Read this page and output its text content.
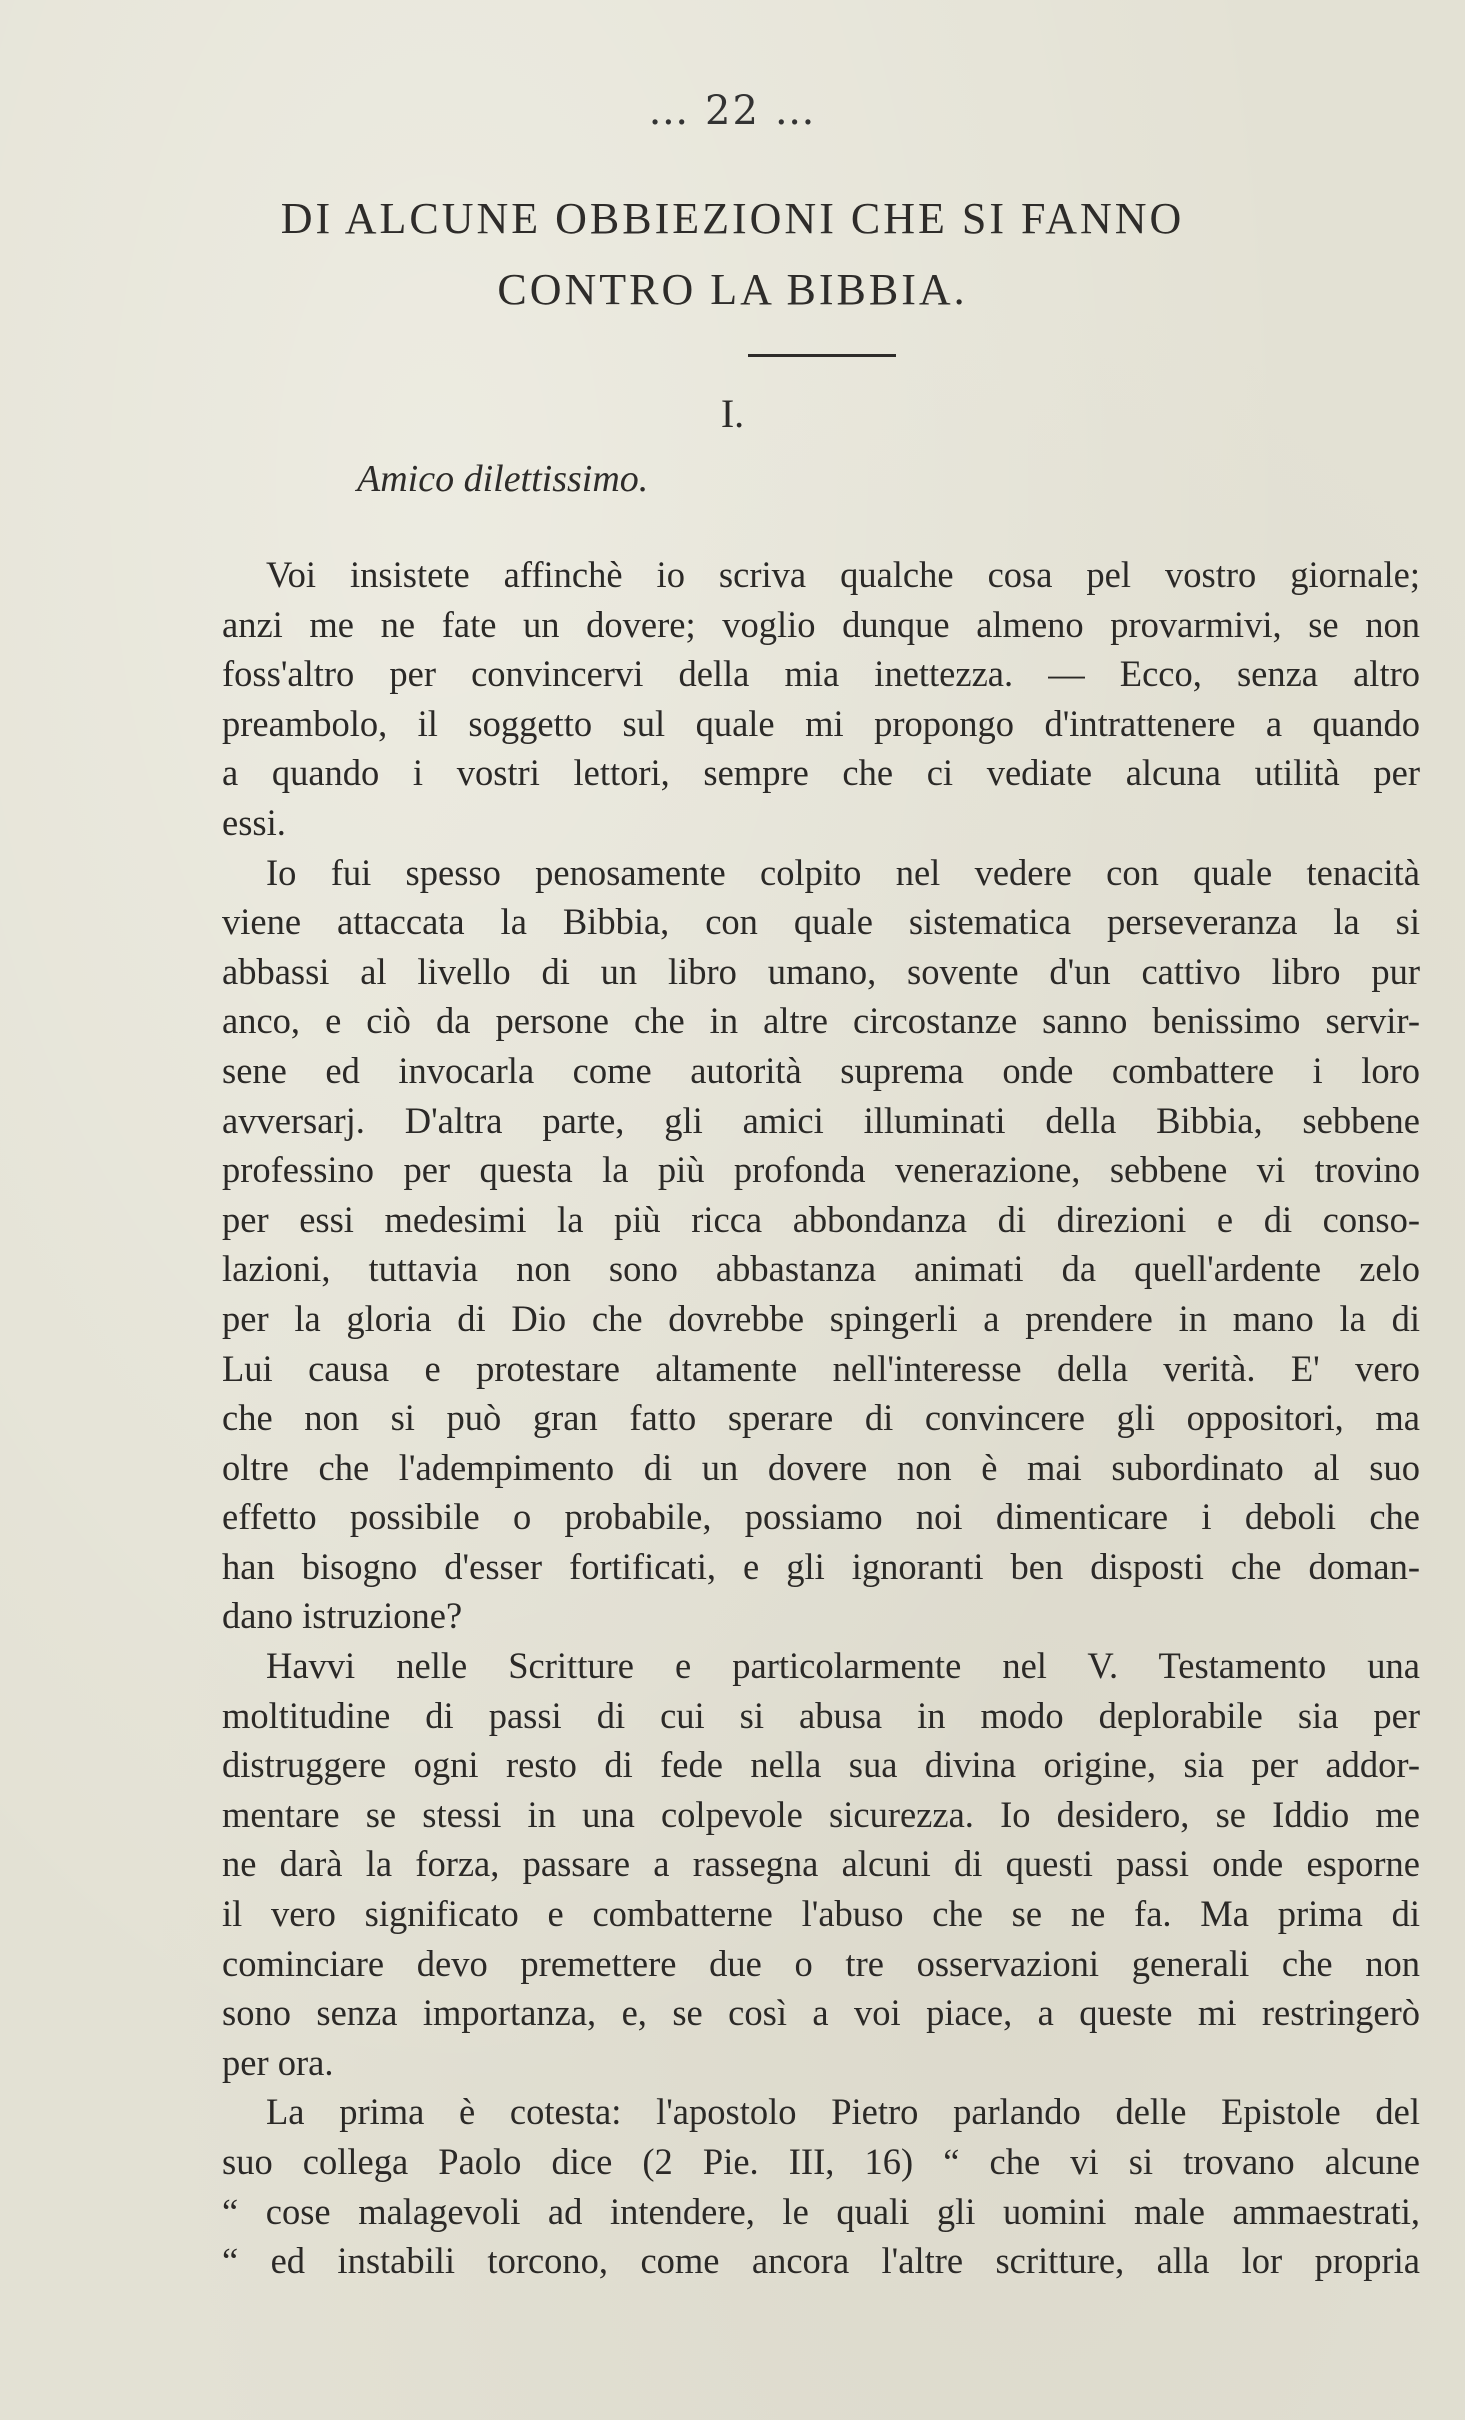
… 22 …
DI ALCUNE OBBIEZIONI CHE SI FANNO
CONTRO LA BIBBIA.
I.
Amico dilettissimo.
Voi insistete affinchè io scriva qualche cosa pel vostro giornale;
anzi me ne fate un dovere; voglio dunque almeno provarmivi, se non
foss'altro per convincervi della mia inettezza. — Ecco, senza altro
preambolo, il soggetto sul quale mi propongo d'intrattenere a quando
a quando i vostri lettori, sempre che ci vediate alcuna utilità per
essi.
Io fui spesso penosamente colpito nel vedere con quale tenacità
viene attaccata la Bibbia, con quale sistematica perseveranza la si
abbassi al livello di un libro umano, sovente d'un cattivo libro pur
anco, e ciò da persone che in altre circostanze sanno benissimo servir-
sene ed invocarla come autorità suprema onde combattere i loro
avversarj. D'altra parte, gli amici illuminati della Bibbia, sebbene
professino per questa la più profonda venerazione, sebbene vi trovino
per essi medesimi la più ricca abbondanza di direzioni e di conso-
lazioni, tuttavia non sono abbastanza animati da quell'ardente zelo
per la gloria di Dio che dovrebbe spingerli a prendere in mano la di
Lui causa e protestare altamente nell'interesse della verità. E' vero
che non si può gran fatto sperare di convincere gli oppositori, ma
oltre che l'adempimento di un dovere non è mai subordinato al suo
effetto possibile o probabile, possiamo noi dimenticare i deboli che
han bisogno d'esser fortificati, e gli ignoranti ben disposti che doman-
dano istruzione?
Havvi nelle Scritture e particolarmente nel V. Testamento una
moltitudine di passi di cui si abusa in modo deplorabile sia per
distruggere ogni resto di fede nella sua divina origine, sia per addor-
mentare se stessi in una colpevole sicurezza. Io desidero, se Iddio me
ne darà la forza, passare a rassegna alcuni di questi passi onde esporne
il vero significato e combatterne l'abuso che se ne fa. Ma prima di
cominciare devo premettere due o tre osservazioni generali che non
sono senza importanza, e, se così a voi piace, a queste mi restringerò
per ora.
La prima è cotesta: l'apostolo Pietro parlando delle Epistole del
suo collega Paolo dice (2 Pie. III, 16) “ che vi si trovano alcune
“ cose malagevoli ad intendere, le quali gli uomini male ammaestrati,
“ ed instabili torcono, come ancora l'altre scritture, alla lor propria
